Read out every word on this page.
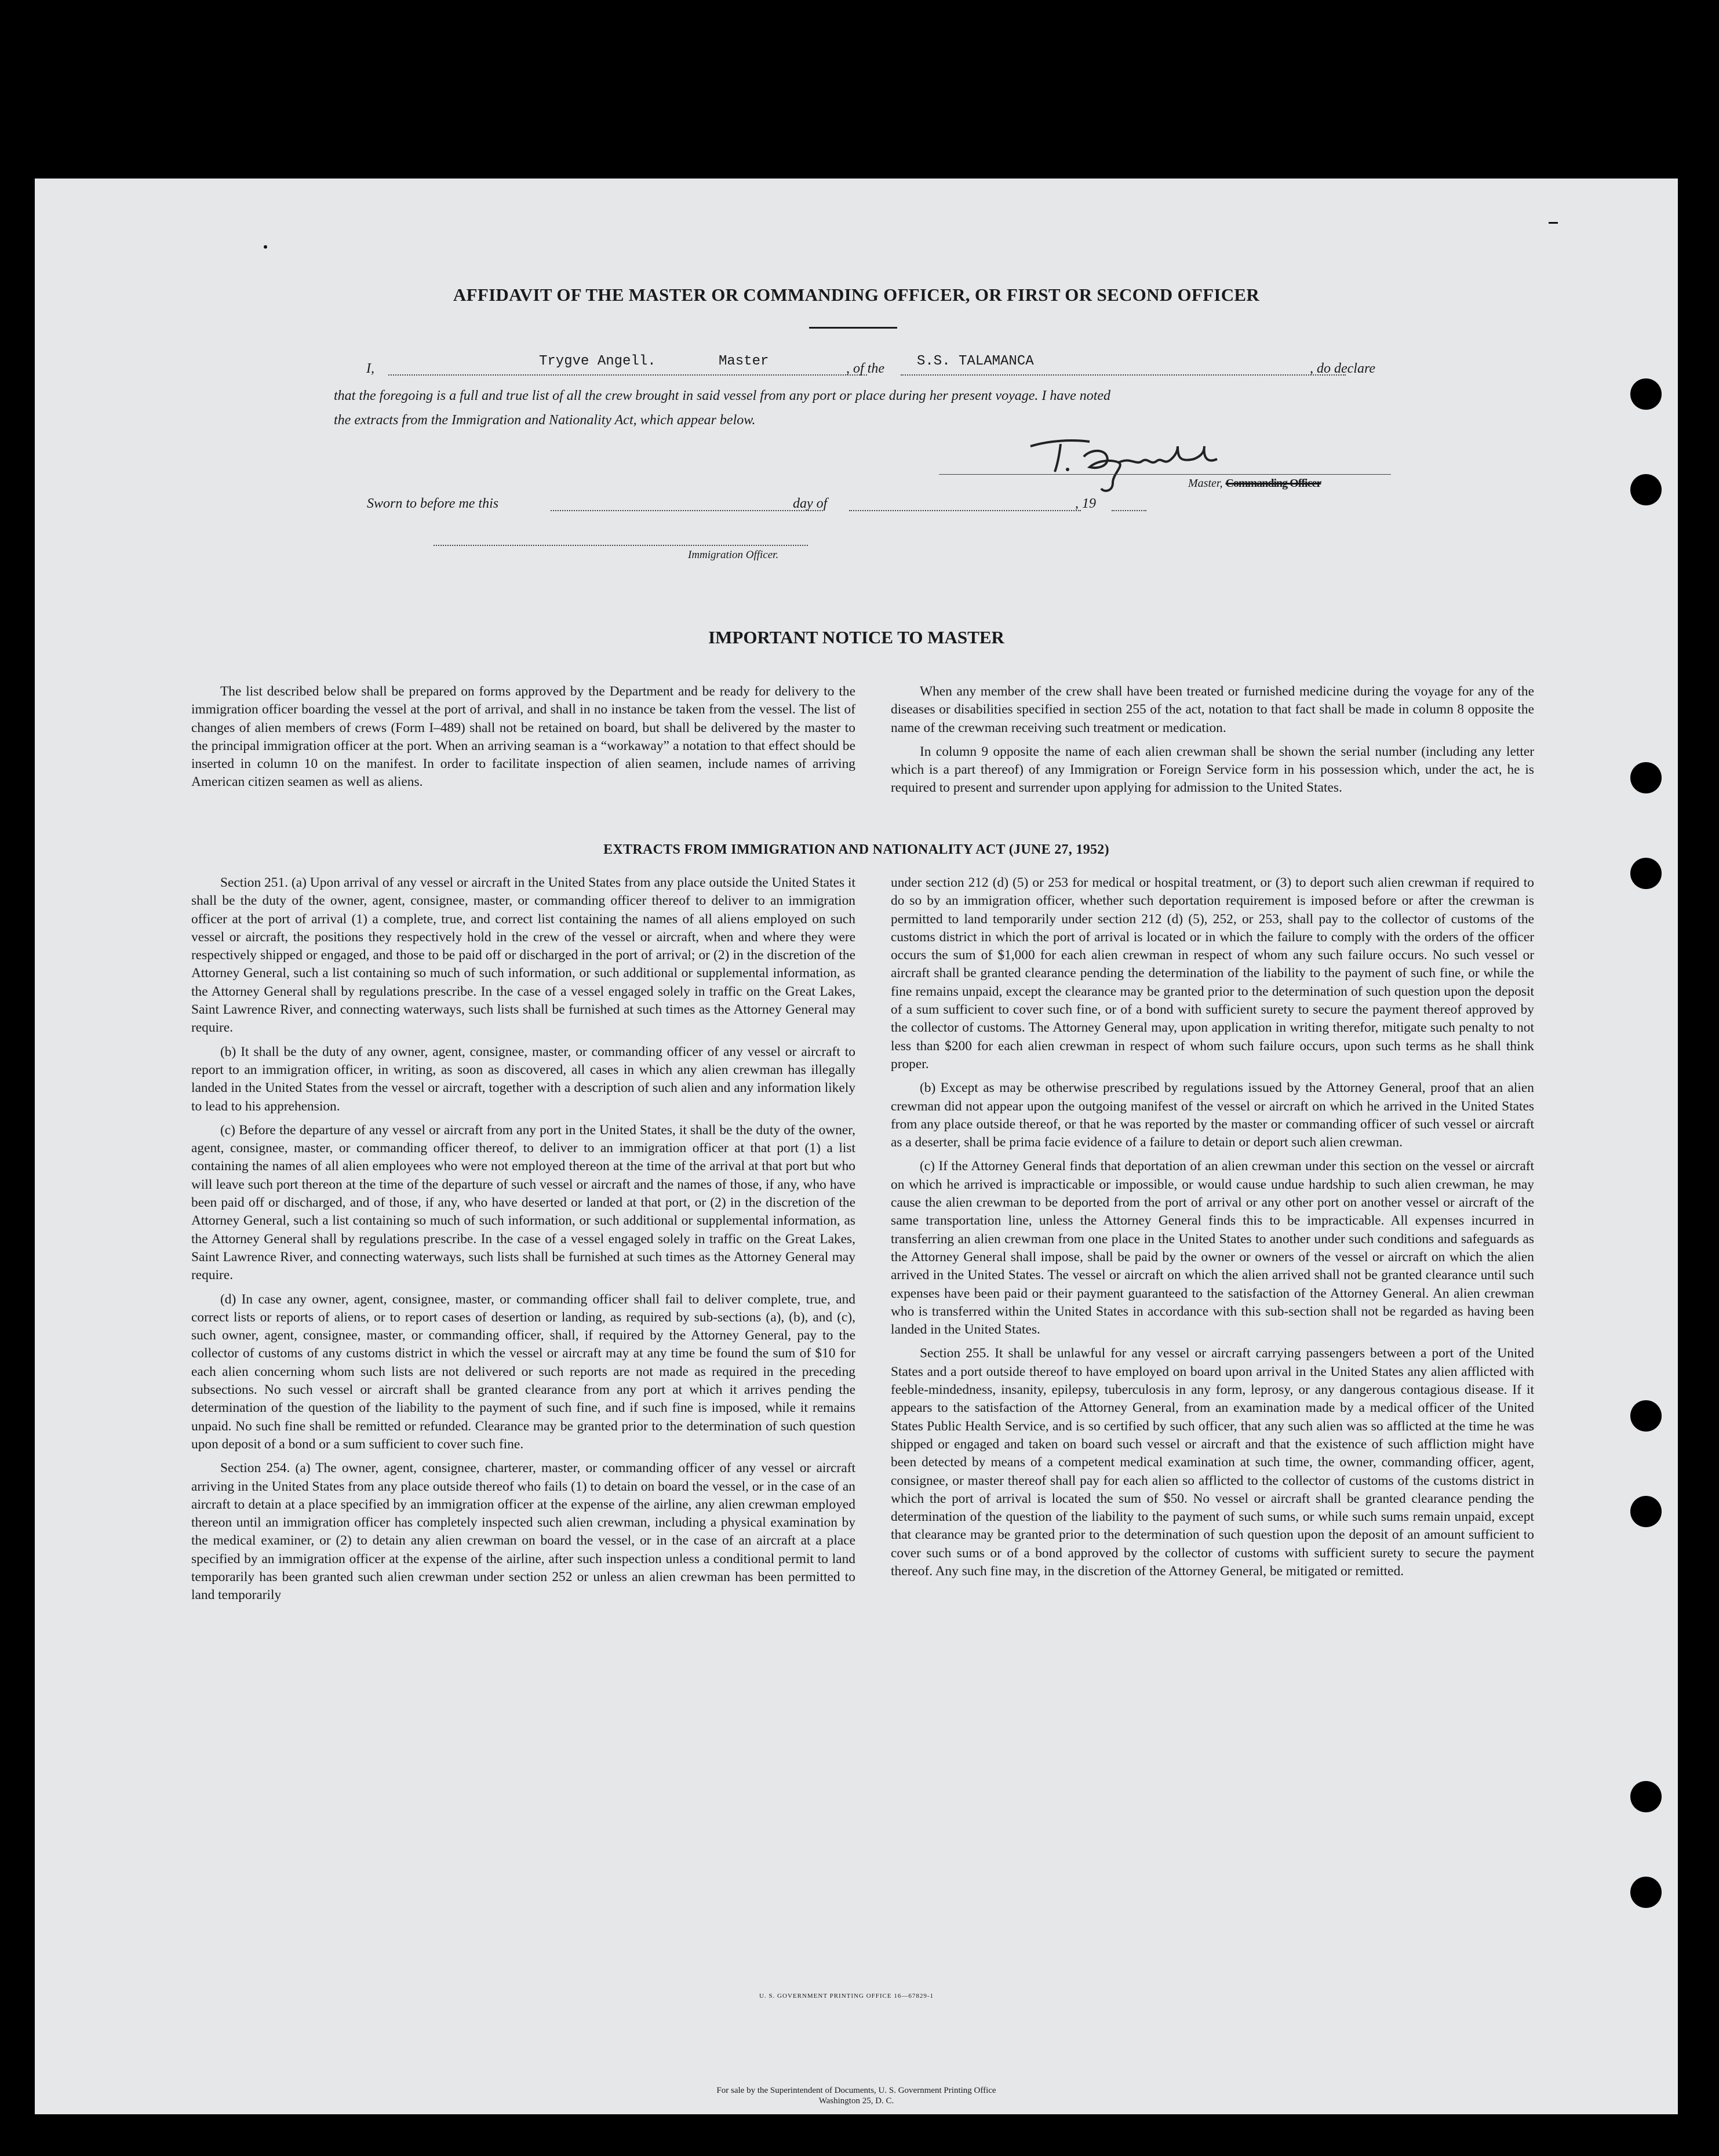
AFFIDAVIT OF THE MASTER OR COMMANDING OFFICER, OR FIRST OR SECOND OFFICER
I,	Trygve Angell.	Master	, of the S.S. TALAMANCA	, do declare
that the foregoing is a full and true list of all the crew brought in said vessel from any port or place during her present voyage. I have noted
the extracts from the Immigration and Nationality Act, which appear below.
Master, Commanding Officer
Sworn to before me this	day of	, 19
Immigration Officer.
IMPORTANT NOTICE TO MASTER

The list described below shall be prepared on forms approved by the Department and be ready for delivery to the immigration officer boarding the vessel at the port of arrival, and shall in no instance be taken from the vessel. The list of changes of alien members of crews (Form I–489) shall not be retained on board, but shall be delivered by the master to the principal immigration officer at the port. When an arriving seaman is a “workaway” a notation to that effect should be inserted in column 10 on the manifest. In order to facilitate inspection of alien seamen, include names of arriving American citizen seamen as well as aliens.

When any member of the crew shall have been treated or furnished medicine during the voyage for any of the diseases or disabilities specified in section 255 of the act, notation to that fact shall be made in column 8 opposite the name of the crewman receiving such treatment or medication.

In column 9 opposite the name of each alien crewman shall be shown the serial number (including any letter which is a part thereof) of any Immigration or Foreign Service form in his possession which, under the act, he is required to present and surrender upon applying for admission to the United States.

EXTRACTS FROM IMMIGRATION AND NATIONALITY ACT (JUNE 27, 1952)

Section 251. (a) Upon arrival of any vessel or aircraft in the United States from any place outside the United States it shall be the duty of the owner, agent, consignee, master, or commanding officer thereof to deliver to an immigration officer at the port of arrival (1) a complete, true, and correct list containing the names of all aliens employed on such vessel or aircraft, the positions they respectively hold in the crew of the vessel or aircraft, when and where they were respectively shipped or engaged, and those to be paid off or discharged in the port of arrival; or (2) in the discretion of the Attorney General, such a list containing so much of such information, or such additional or supplemental information, as the Attorney General shall by regulations prescribe. In the case of a vessel engaged solely in traffic on the Great Lakes, Saint Lawrence River, and connecting waterways, such lists shall be furnished at such times as the Attorney General may require.

(b) It shall be the duty of any owner, agent, consignee, master, or commanding officer of any vessel or aircraft to report to an immigration officer, in writing, as soon as discovered, all cases in which any alien crewman has illegally landed in the United States from the vessel or aircraft, together with a description of such alien and any information likely to lead to his apprehension.

(c) Before the departure of any vessel or aircraft from any port in the United States, it shall be the duty of the owner, agent, consignee, master, or commanding officer thereof, to deliver to an immigration officer at that port (1) a list containing the names of all alien employees who were not employed thereon at the time of the arrival at that port but who will leave such port thereon at the time of the departure of such vessel or aircraft and the names of those, if any, who have been paid off or discharged, and of those, if any, who have deserted or landed at that port, or (2) in the discretion of the Attorney General, such a list containing so much of such information, or such additional or supplemental information, as the Attorney General shall by regulations prescribe. In the case of a vessel engaged solely in traffic on the Great Lakes, Saint Lawrence River, and connecting waterways, such lists shall be furnished at such times as the Attorney General may require.

(d) In case any owner, agent, consignee, master, or commanding officer shall fail to deliver complete, true, and correct lists or reports of aliens, or to report cases of desertion or landing, as required by sub-sections (a), (b), and (c), such owner, agent, consignee, master, or commanding officer, shall, if required by the Attorney General, pay to the collector of customs of any customs district in which the vessel or aircraft may at any time be found the sum of $10 for each alien concerning whom such lists are not delivered or such reports are not made as required in the preceding subsections. No such vessel or aircraft shall be granted clearance from any port at which it arrives pending the determination of the question of the liability to the payment of such fine, and if such fine is imposed, while it remains unpaid. No such fine shall be remitted or refunded. Clearance may be granted prior to the determination of such question upon deposit of a bond or a sum sufficient to cover such fine.

Section 254. (a) The owner, agent, consignee, charterer, master, or commanding officer of any vessel or aircraft arriving in the United States from any place outside thereof who fails (1) to detain on board the vessel, or in the case of an aircraft to detain at a place specified by an immigration officer at the expense of the airline, any alien crewman employed thereon until an immigration officer has completely inspected such alien crewman, including a physical examination by the medical examiner, or (2) to detain any alien crewman on board the vessel, or in the case of an aircraft at a place specified by an immigration officer at the expense of the airline, after such inspection unless a conditional permit to land temporarily has been granted such alien crewman under section 252 or unless an alien crewman has been permitted to land temporarily

under section 212 (d) (5) or 253 for medical or hospital treatment, or (3) to deport such alien crewman if required to do so by an immigration officer, whether such deportation requirement is imposed before or after the crewman is permitted to land temporarily under section 212 (d) (5), 252, or 253, shall pay to the collector of customs of the customs district in which the port of arrival is located or in which the failure to comply with the orders of the officer occurs the sum of $1,000 for each alien crewman in respect of whom any such failure occurs. No such vessel or aircraft shall be granted clearance pending the determination of the liability to the payment of such fine, or while the fine remains unpaid, except the clearance may be granted prior to the determination of such question upon the deposit of a sum sufficient to cover such fine, or of a bond with sufficient surety to secure the payment thereof approved by the collector of customs. The Attorney General may, upon application in writing therefor, mitigate such penalty to not less than $200 for each alien crewman in respect of whom such failure occurs, upon such terms as he shall think proper.

(b) Except as may be otherwise prescribed by regulations issued by the Attorney General, proof that an alien crewman did not appear upon the outgoing manifest of the vessel or aircraft on which he arrived in the United States from any place outside thereof, or that he was reported by the master or commanding officer of such vessel or aircraft as a deserter, shall be prima facie evidence of a failure to detain or deport such alien crewman.

(c) If the Attorney General finds that deportation of an alien crewman under this section on the vessel or aircraft on which he arrived is impracticable or impossible, or would cause undue hardship to such alien crewman, he may cause the alien crewman to be deported from the port of arrival or any other port on another vessel or aircraft of the same transportation line, unless the Attorney General finds this to be impracticable. All expenses incurred in transferring an alien crewman from one place in the United States to another under such conditions and safeguards as the Attorney General shall impose, shall be paid by the owner or owners of the vessel or aircraft on which the alien arrived in the United States. The vessel or aircraft on which the alien arrived shall not be granted clearance until such expenses have been paid or their payment guaranteed to the satisfaction of the Attorney General. An alien crewman who is transferred within the United States in accordance with this sub-section shall not be regarded as having been landed in the United States.

Section 255. It shall be unlawful for any vessel or aircraft carrying passengers between a port of the United States and a port outside thereof to have employed on board upon arrival in the United States any alien afflicted with feeble-mindedness, insanity, epilepsy, tuberculosis in any form, leprosy, or any dangerous contagious disease. If it appears to the satisfaction of the Attorney General, from an examination made by a medical officer of the United States Public Health Service, and is so certified by such officer, that any such alien was so afflicted at the time he was shipped or engaged and taken on board such vessel or aircraft and that the existence of such affliction might have been detected by means of a competent medical examination at such time, the owner, commanding officer, agent, consignee, or master thereof shall pay for each alien so afflicted to the collector of customs of the customs district in which the port of arrival is located the sum of $50. No vessel or aircraft shall be granted clearance pending the determination of the question of the liability to the payment of such sums, or while such sums remain unpaid, except that clearance may be granted prior to the determination of such question upon the deposit of an amount sufficient to cover such sums or of a bond approved by the collector of customs with sufficient surety to secure the payment thereof. Any such fine may, in the discretion of the Attorney General, be mitigated or remitted.

U. S. GOVERNMENT PRINTING OFFICE 16—67829-1
For sale by the Superintendent of Documents, U. S. Government Printing Office
Washington 25, D. C.
